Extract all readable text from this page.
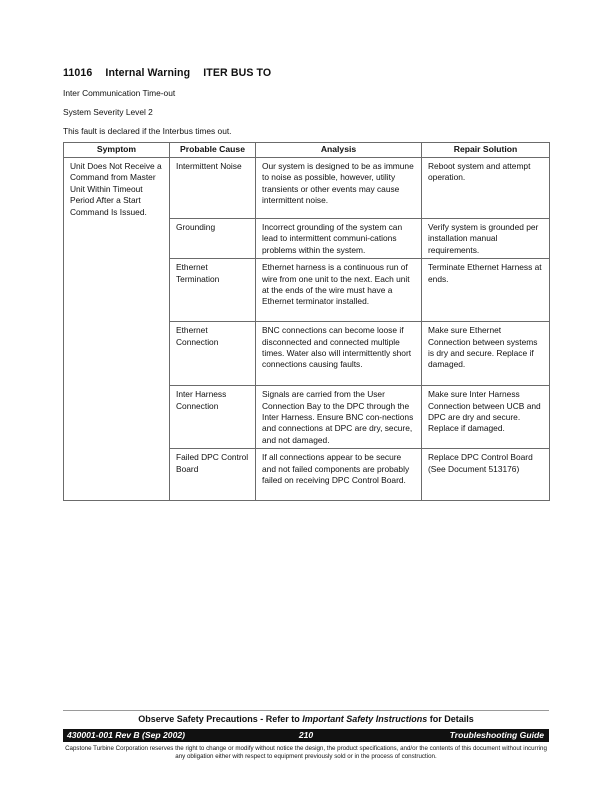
11016 Internal Warning ITER BUS TO
Inter Communication Time-out
System Severity Level 2
This fault is declared if the Interbus times out.
Symptom	Probable Cause	Analysis	Repair Solution
Unit Does Not Receive a Command from Master Unit Within Timeout Period After a Start Command Is Issued.	Intermittent Noise	Our system is designed to be as immune to noise as possible, however, utility transients or other events may cause intermittent noise.	Reboot system and attempt operation.
	Grounding	Incorrect grounding of the system can lead to intermittent communi-cations problems within the system.	Verify system is grounded per installation manual requirements.
	Ethernet Termination	Ethernet harness is a continuous run of wire from one unit to the next. Each unit at the ends of the wire must have a Ethernet terminator installed.	Terminate Ethernet Harness at ends.
	Ethernet Connection	BNC connections can become loose if disconnected and connected multiple times. Water also will intermittently short connections causing faults.	Make sure Ethernet Connection between systems is dry and secure. Replace if damaged.
	Inter Harness Connection	Signals are carried from the User Connection Bay to the DPC through the Inter Harness. Ensure BNC con-nections and connections at DPC are dry, secure, and not damaged.	Make sure Inter Harness Connection between UCB and DPC are dry and secure. Replace if damaged.
	Failed DPC Control Board	If all connections appear to be secure and not failed components are probably failed on receiving DPC Control Board.	Replace DPC Control Board (See Document 513176)
Observe Safety Precautions - Refer to Important Safety Instructions for Details
430001-001 Rev B (Sep 2002)	210	Troubleshooting Guide
Capstone Turbine Corporation reserves the right to change or modify without notice the design, the product specifications, and/or the contents of this document without incurring any obligation either with respect to equipment previously sold or in the process of construction.
